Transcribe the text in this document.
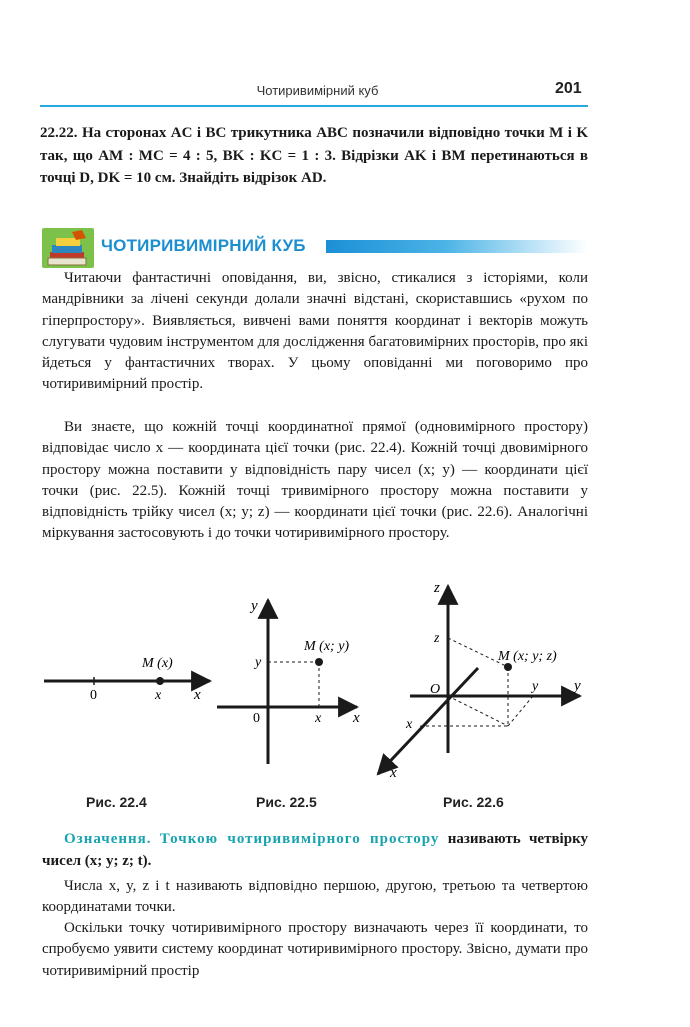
Чотиривимірний куб	201
22.22. На сторонах AC і BC трикутника ABC позначили відповідно точки M і K так, що AM : MC = 4 : 5, BK : KC = 1 : 3. Відрізки AK і BM перетинаються в точці D, DK = 10 см. Знайдіть відрізок AD.
ЧОТИРИВИМІРНИЙ КУБ

Читаючи фантастичні оповідання, ви, звісно, стикалися з історіями, коли мандрівники за лічені секунди долали значні відстані, скориставшись «рухом по гіперпростору». Виявляється, вивчені вами поняття координат і векторів можуть слугувати чудовим інструментом для дослідження багатовимірних просторів, про які йдеться у фантастичних творах. У цьому оповіданні ми поговоримо про чотиривимірний простір.

Ви знаєте, що кожній точці координатної прямої (одновимірного простору) відповідає число x — координата цієї точки (рис. 22.4). Кожній точці двовимірного простору можна поставити у відповідність пару чисел (x; y) — координати цієї точки (рис. 22.5). Кожній точці тривимірного простору можна поставити у відповідність трійку чисел (x; y; z) — координати цієї точки (рис. 22.6). Аналогічні міркування застосовують і до точки чотиривимірного простору.

M (x)
0	x x
Рис. 22.4
M (x; y)
0	x
y
x
y
Рис. 22.5
M (x; y; z)
O	y
z
x
y
z
x
Рис. 22.6

Означення. Точкою чотиривимірного простору називають четвірку чисел (x; y; z; t).

Числа x, y, z і t називають відповідно першою, другою, третьою та четвертою координатами точки.

Оскільки точку чотиривимірного простору визначають через її координати, то спробуємо уявити систему координат чотиривимірного простору. Звісно, думати про чотиривимірний простір
